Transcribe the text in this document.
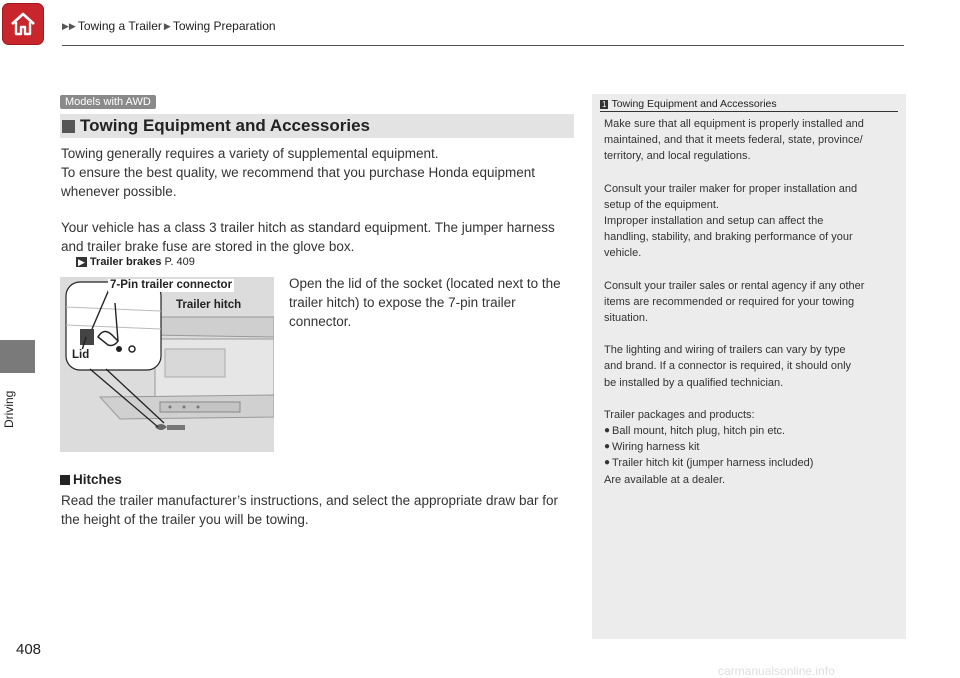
▶▶ Towing a Trailer ▶ Towing Preparation
Driving
Models with AWD
Towing Equipment and Accessories
Towing generally requires a variety of supplemental equipment.
To ensure the best quality, we recommend that you purchase Honda equipment
whenever possible.
Your vehicle has a class 3 trailer hitch as standard equipment. The jumper harness
and trailer brake fuse are stored in the glove box.
▶ Trailer brakes P. 409
7-Pin trailer connector
Trailer hitch
Lid
Open the lid of the socket (located next to the
trailer hitch) to expose the 7-pin trailer
connector.
Hitches
Read the trailer manufacturer’s instructions, and select the appropriate draw bar for
the height of the trailer you will be towing.
1 Towing Equipment and Accessories
Make sure that all equipment is properly installed and
maintained, and that it meets federal, state, province/
territory, and local regulations.
Consult your trailer maker for proper installation and
setup of the equipment.
Improper installation and setup can affect the
handling, stability, and braking performance of your
vehicle.
Consult your trailer sales or rental agency if any other
items are recommended or required for your towing
situation.
The lighting and wiring of trailers can vary by type
and brand. If a connector is required, it should only
be installed by a qualified technician.
Trailer packages and products:
● Ball mount, hitch plug, hitch pin etc.
● Wiring harness kit
● Trailer hitch kit (jumper harness included)
Are available at a dealer.
408
carmanualsonline.info
